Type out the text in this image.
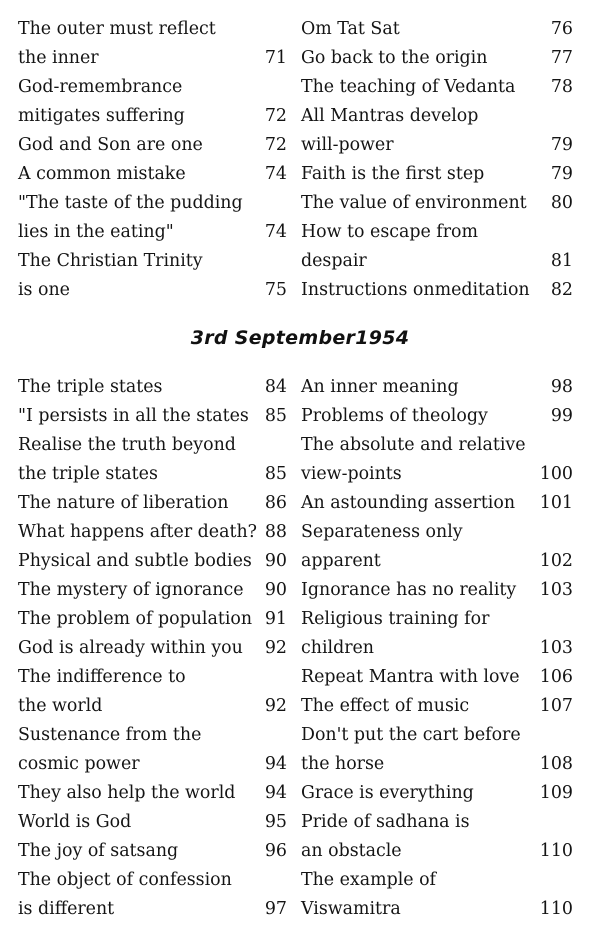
The outer must reflect
the inner	71
God-remembrance
mitigates suffering	72
God and Son are one	72
A common mistake	74
"The taste of the pudding
lies in the eating"	74
The Christian Trinity
is one	75
Om Tat Sat	76
Go back to the origin	77
The teaching of Vedanta 78
All Mantras develop
will-power	79
Faith is the first step	79
The value of environment 80
How to escape from
despair	81
Instructions onmeditation 82
3rd September1954
The triple states	84
"I persists in all the states 85
Realise the truth beyond
the triple states	85
The nature of liberation 86
What happens after death? 88
Physical and subtle bodies 90
The mystery of ignorance 90
The problem of population 91
God is already within you 92
The indifference to
the world	92
Sustenance from the
cosmic power	94
They also help the world 94
World is God	95
The joy of satsang	96
The object of confession
is different	97
An inner meaning	98
Problems of theology	99
The absolute and relative
view-points	100
An astounding assertion 101
Separateness only
apparent	102
Ignorance has no reality 103
Religious training for
children	103
Repeat Mantra with love 106
The effect of music	107
Don't put the cart before
the horse	108
Grace is everything	109
Pride of sadhana is
an obstacle	110
The example of
Viswamitra	110
